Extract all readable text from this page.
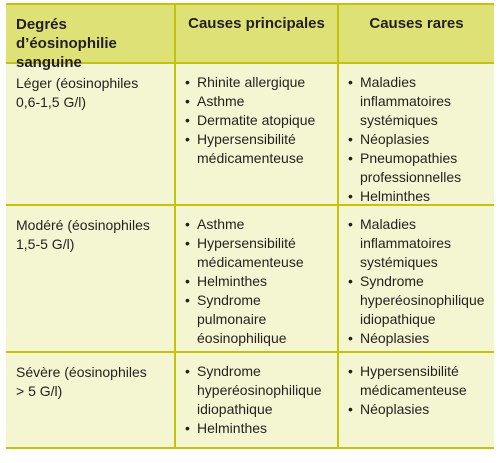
Degrés d’éosinophilie
sanguine
Causes principales	Causes rares
Léger (éosinophiles
0,6-1,5 G/l)
• Rhinite allergique
• Asthme
• Dermatite atopique
• Hypersensibilité
médicamenteuse
• Maladies
inflammatoires
systémiques
• Néoplasies
• Pneumopathies
professionnelles
• Helminthes
Modéré (éosinophiles
1,5-5 G/l)
• Asthme
• Hypersensibilité
médicamenteuse
• Helminthes
• Syndrome
pulmonaire
éosinophilique
• Maladies
inflammatoires
systémiques
• Syndrome
hyperéosinophilique
idiopathique
• Néoplasies
Sévère (éosinophiles
> 5 G/l)
• Syndrome
hyperéosinophilique
idiopathique
• Helminthes
• Hypersensibilité
médicamenteuse
• Néoplasies
